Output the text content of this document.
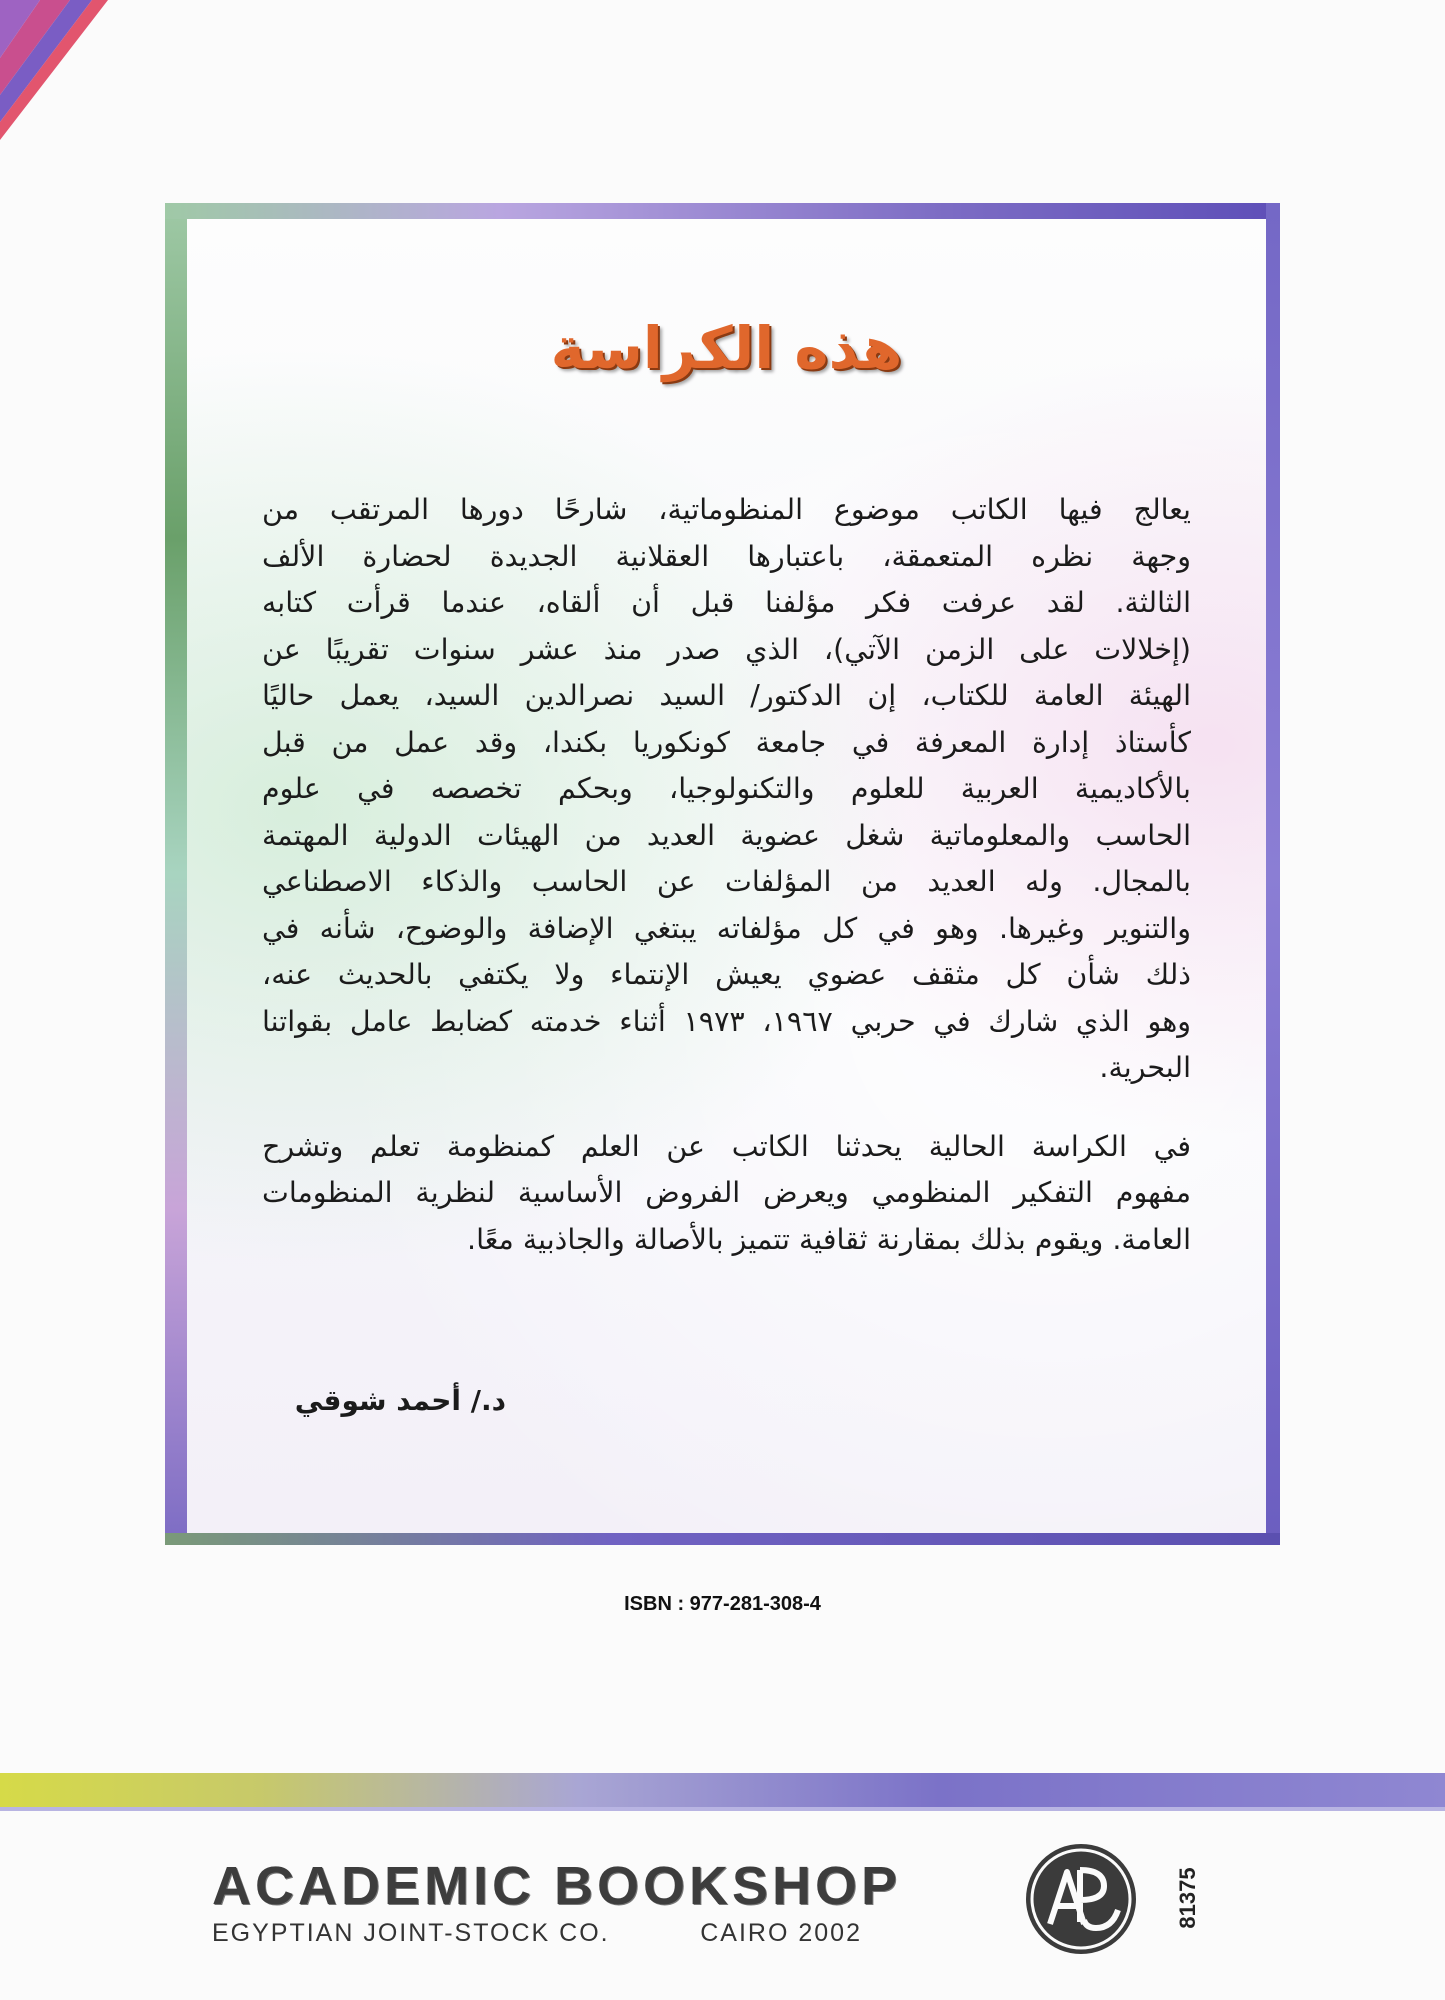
هذه الكراسة
يعالج فيها الكاتب موضوع المنظوماتية، شارحًا دورها المرتقب من
وجهة نظره المتعمقة، باعتبارها العقلانية الجديدة لحضارة الألف
الثالثة. لقد عرفت فكر مؤلفنا قبل أن ألقاه، عندما قرأت كتابه
(إخلالات على الزمن الآتي)، الذي صدر منذ عشر سنوات تقريبًا عن
الهيئة العامة للكتاب، إن الدكتور/ السيد نصرالدين السيد، يعمل حاليًا
كأستاذ إدارة المعرفة في جامعة كونكوريا بكندا، وقد عمل من قبل
بالأكاديمية العربية للعلوم والتكنولوجيا، وبحكم تخصصه في علوم
الحاسب والمعلوماتية شغل عضوية العديد من الهيئات الدولية المهتمة
بالمجال. وله العديد من المؤلفات عن الحاسب والذكاء الاصطناعي
والتنوير وغيرها. وهو في كل مؤلفاته يبتغي الإضافة والوضوح، شأنه في
ذلك شأن كل مثقف عضوي يعيش الإنتماء ولا يكتفي بالحديث عنه،
وهو الذي شارك في حربي ١٩٦٧، ١٩٧٣ أثناء خدمته كضابط عامل بقواتنا
البحرية.
في الكراسة الحالية يحدثنا الكاتب عن العلم كمنظومة تعلم وتشرح
مفهوم التفكير المنظومي ويعرض الفروض الأساسية لنظرية المنظومات
العامة. ويقوم بذلك بمقارنة ثقافية تتميز بالأصالة والجاذبية معًا.
د./ أحمد شوقي
ISBN : 977-281-308-4
ACADEMIC BOOKSHOP
EGYPTIAN JOINT-STOCK CO.	CAIRO 2002
81375
